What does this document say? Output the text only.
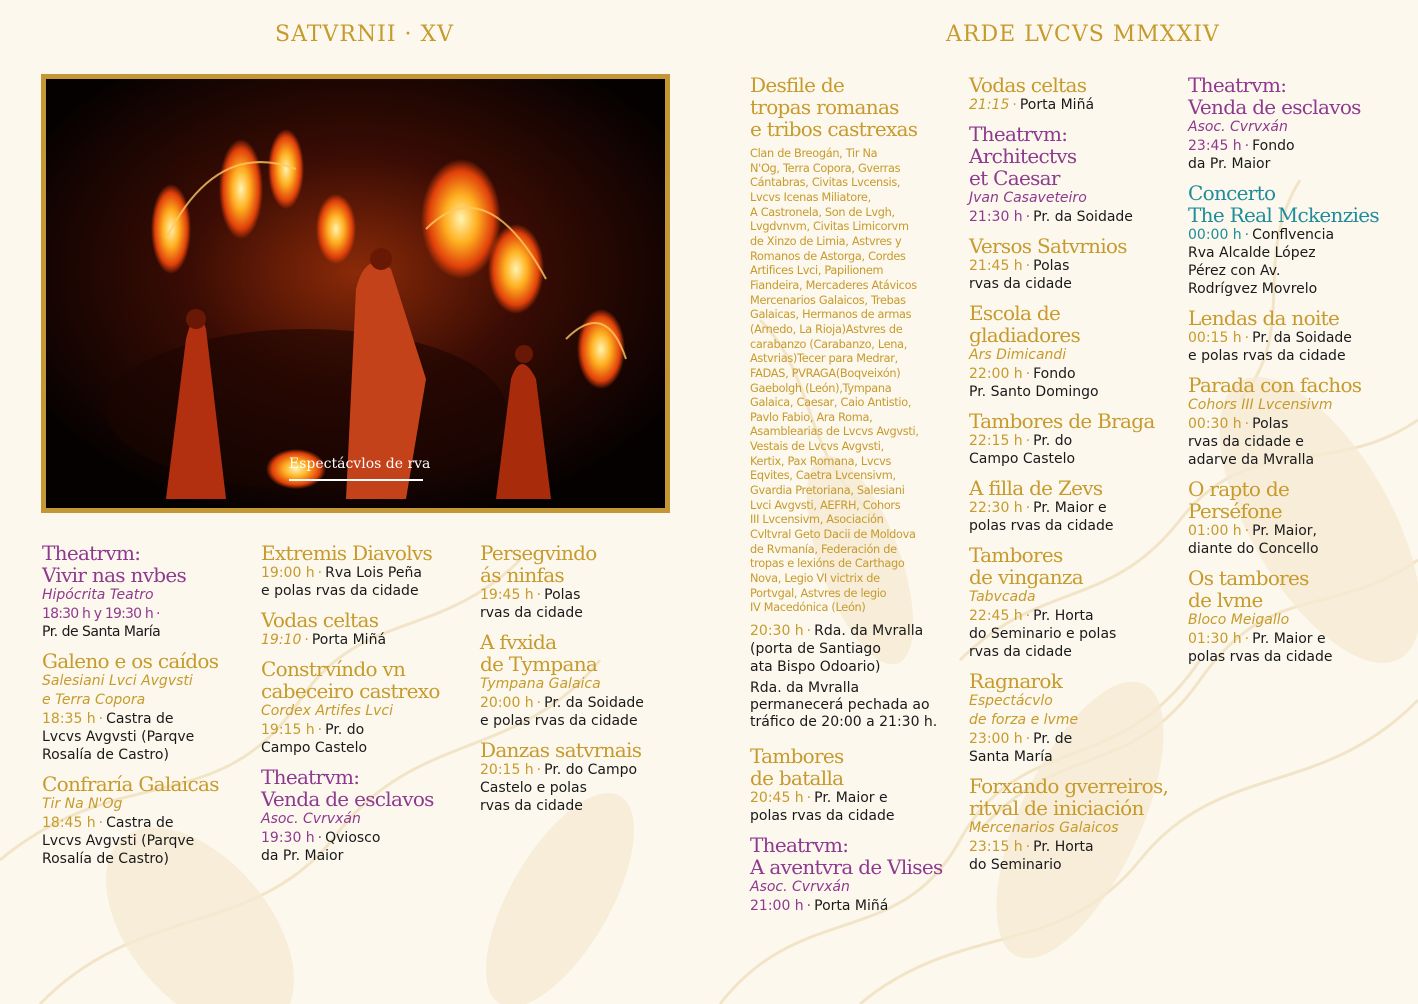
SATVRNII · XV	ARDE LVCVS MMXXIV
Espectácvlos de rva
Theatrvm:
Vivir nas nvbes
Hipócrita Teatro
18:30 h y 19:30 h ·
Pr. de Santa María
Galeno e os caídos
Salesiani Lvci Avgvsti
e Terra Copora
18:35 h · Castra de
Lvcvs Avgvsti (Parqve
Rosalía de Castro)
Confraría Galaicas
Tir Na N'Og
18:45 h · Castra de
Lvcvs Avgvsti (Parqve
Rosalía de Castro)
Extremis Diavolvs
19:00 h · Rva Lois Peña
e polas rvas da cidade
Vodas celtas
19:10 · Porta Miñá
Constrvíndo vn
cabeceiro castrexo
Cordex Artifes Lvci
19:15 h · Pr. do
Campo Castelo
Theatrvm:
Venda de esclavos
Asoc. Cvrvxán
19:30 h · Qviosco
da Pr. Maior
Persegvindo
ás ninfas
19:45 h · Polas
rvas da cidade
A fvxida
de Tympana
Tympana Galaica
20:00 h · Pr. da Soidade
e polas rvas da cidade
Danzas satvrnais
20:15 h · Pr. do Campo
Castelo e polas
rvas da cidade
Desfile de
tropas romanas
e tribos castrexas
Clan de Breogán, Tir Na
N'Og, Terra Copora, Gverras
Cántabras, Civitas Lvcensis,
Lvcvs Icenas Miliatore,
A Castronela, Son de Lvgh,
Lvgdvnvm, Civitas Limicorvm
de Xinzo de Limia, Astvres y
Romanos de Astorga, Cordes
Artifices Lvci, Papilionem
Fiandeira, Mercaderes Atávicos
Mercenarios Galaicos, Trebas
Galaicas, Hermanos de armas
(Arnedo, La Rioja)Astvres de
carabanzo (Carabanzo, Lena,
Astvrias)Tecer para Medrar,
FADAS, PVRAGA(Boqveixón)
Gaebolgh (León),Tympana
Galaica, Caesar, Caio Antistio,
Pavlo Fabio, Ara Roma,
Asamblearias de Lvcvs Avgvsti,
Vestais de Lvcvs Avgvsti,
Kertix, Pax Romana, Lvcvs
Eqvites, Caetra Lvcensivm,
Gvardia Pretoriana, Salesiani
Lvci Avgvsti, AEFRH, Cohors
III Lvcensivm, Asociación
Cvltvral Geto Dacii de Moldova
de Rvmanía, Federación de
tropas e lexións de Carthago
Nova, Legio VI victrix de
Portvgal, Astvres de legio
IV Macedónica (León)
20:30 h · Rda. da Mvralla
(porta de Santiago
ata Bispo Odoario)
Rda. da Mvralla
permanecerá pechada ao
tráfico de 20:00 a 21:30 h.
Tambores
de batalla
20:45 h · Pr. Maior e
polas rvas da cidade
Theatrvm:
A aventvra de Vlises
Asoc. Cvrvxán
21:00 h · Porta Miñá
Vodas celtas
21:15 · Porta Miñá
Theatrvm:
Architectvs
et Caesar
Jvan Casaveteiro
21:30 h · Pr. da Soidade
Versos Satvrnios
21:45 h · Polas
rvas da cidade
Escola de
gladiadores
Ars Dimicandi
22:00 h · Fondo
Pr. Santo Domingo
Tambores de Braga
22:15 h · Pr. do
Campo Castelo
A filla de Zevs
22:30 h · Pr. Maior e
polas rvas da cidade
Tambores
de vinganza
Tabvcada
22:45 h · Pr. Horta
do Seminario e polas
rvas da cidade
Ragnarok
Espectácvlo
de forza e lvme
23:00 h · Pr. de
Santa María
Forxando gverreiros,
ritval de iniciación
Mercenarios Galaicos
23:15 h · Pr. Horta
do Seminario
Theatrvm:
Venda de esclavos
Asoc. Cvrvxán
23:45 h · Fondo
da Pr. Maior
Concerto
The Real Mckenzies
00:00 h · Conflvencia
Rva Alcalde López
Pérez con Av.
Rodrígvez Movrelo
Lendas da noite
00:15 h · Pr. da Soidade
e polas rvas da cidade
Parada con fachos
Cohors III Lvcensivm
00:30 h · Polas
rvas da cidade e
adarve da Mvralla
O rapto de
Perséfone
01:00 h · Pr. Maior,
diante do Concello
Os tambores
de lvme
Bloco Meigallo
01:30 h · Pr. Maior e
polas rvas da cidade
